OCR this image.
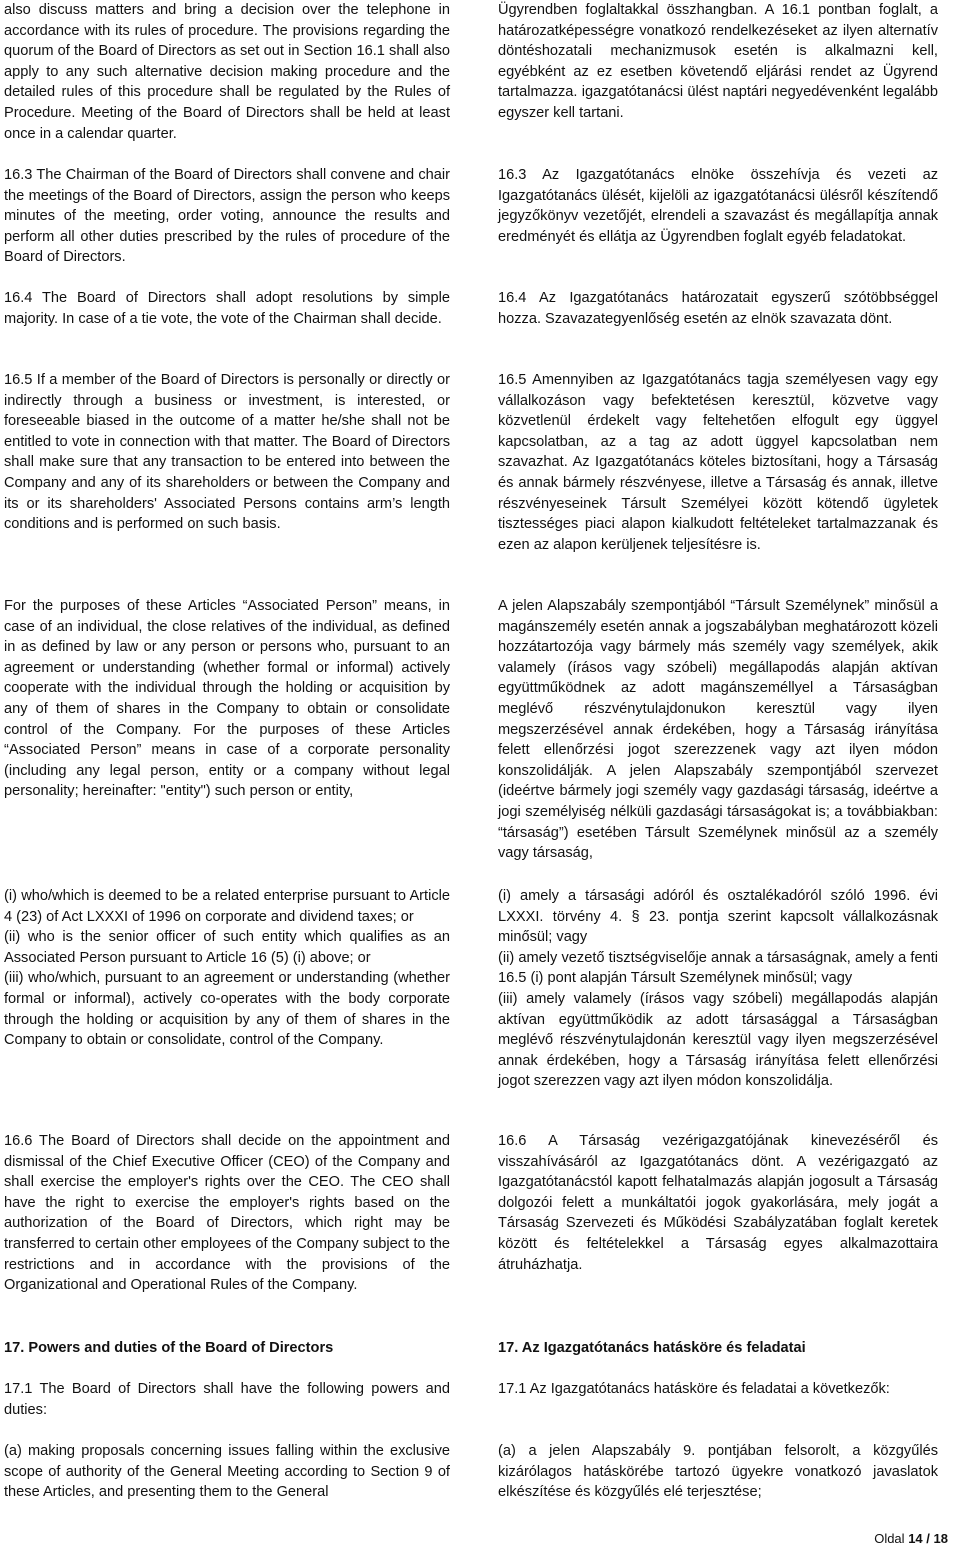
also discuss matters and bring a decision over the telephone in accordance with its rules of procedure. The provisions regarding the quorum of the Board of Directors as set out in Section 16.1 shall also apply to any such alternative decision making procedure and the detailed rules of this procedure shall be regulated by the Rules of Procedure. Meeting of the Board of Directors shall be held at least once in a calendar quarter.

Ügyrendben foglaltakkal összhangban. A 16.1 pontban foglalt, a határozatképességre vonatkozó rendelkezéseket az ilyen alternatív döntéshozatali mechanizmusok esetén is alkalmazni kell, egyébként az ez esetben követendő eljárási rendet az Ügyrend tartalmazza. igazgatótanácsi ülést naptári negyedévenként legalább egyszer kell tartani.

16.3 The Chairman of the Board of Directors shall convene and chair the meetings of the Board of Directors, assign the person who keeps minutes of the meeting, order voting, announce the results and perform all other duties prescribed by the rules of procedure of the Board of Directors.

16.3 Az Igazgatótanács elnöke összehívja és vezeti az Igazgatótanács ülését, kijelöli az igazgatótanácsi ülésről készítendő jegyzőkönyv vezetőjét, elrendeli a szavazást és megállapítja annak eredményét és ellátja az Ügyrendben foglalt egyéb feladatokat.

16.4 The Board of Directors shall adopt resolutions by simple majority. In case of a tie vote, the vote of the Chairman shall decide.

16.4 Az Igazgatótanács határozatait egyszerű szótöbbséggel hozza. Szavazategyenlőség esetén az elnök szavazata dönt.

16.5 If a member of the Board of Directors is personally or directly or indirectly through a business or investment, is interested, or foreseeable biased in the outcome of a matter he/she shall not be entitled to vote in connection with that matter. The Board of Directors shall make sure that any transaction to be entered into between the Company and any of its shareholders or between the Company and its or its shareholders' Associated Persons contains arm’s length conditions and is performed on such basis.

16.5 Amennyiben az Igazgatótanács tagja személyesen vagy egy vállalkozáson vagy befektetésen keresztül, közvetve vagy közvetlenül érdekelt vagy feltehetően elfogult egy üggyel kapcsolatban, az a tag az adott üggyel kapcsolatban nem szavazhat. Az Igazgatótanács köteles biztosítani, hogy a Társaság és annak bármely részvényese, illetve a Társaság és annak, illetve részvényeseinek Társult Személyei között kötendő ügyletek tisztességes piaci alapon kialkudott feltételeket tartalmazzanak és ezen az alapon kerüljenek teljesítésre is.

For the purposes of these Articles “Associated Person” means, in case of an individual, the close relatives of the individual, as defined in as defined by law or any person or persons who, pursuant to an agreement or understanding (whether formal or informal) actively cooperate with the individual through the holding or acquisition by any of them of shares in the Company to obtain or consolidate control of the Company. For the purposes of these Articles “Associated Person” means in case of a corporate personality (including any legal person, entity or a company without legal personality; hereinafter: "entity") such person or entity,

A jelen Alapszabály szempontjából “Társult Személynek” minősül a magánszemély esetén annak a jogszabályban meghatározott közeli hozzátartozója vagy bármely más személy vagy személyek, akik valamely (írásos vagy szóbeli) megállapodás alapján aktívan együttműködnek az adott magánszeméllyel a Társaságban meglévő részvénytulajdonukon keresztül vagy ilyen megszerzésével annak érdekében, hogy a Társaság irányítása felett ellenőrzési jogot szerezzenek vagy azt ilyen módon konszolidálják. A jelen Alapszabály szempontjából szervezet (ideértve bármely jogi személy vagy gazdasági társaság, ideértve a jogi személyiség nélküli gazdasági társaságokat is; a továbbiakban: “társaság”) esetében Társult Személynek minősül az a személy vagy társaság,

(i) who/which is deemed to be a related enterprise pursuant to Article 4 (23) of Act LXXXI of 1996 on corporate and dividend taxes; or

(ii) who is the senior officer of such entity which qualifies as an Associated Person pursuant to Article 16 (5) (i) above; or

(iii) who/which, pursuant to an agreement or understanding (whether formal or informal), actively co-operates with the body corporate through the holding or acquisition by any of them of shares in the Company to obtain or consolidate, control of the Company.

(i) amely a társasági adóról és osztalékadóról szóló 1996. évi LXXXI. törvény 4. § 23. pontja szerint kapcsolt vállalkozásnak minősül; vagy

(ii) amely vezető tisztségviselője annak a társaságnak, amely a fenti 16.5 (i) pont alapján Társult Személynek minősül; vagy

(iii) amely valamely (írásos vagy szóbeli) megállapodás alapján aktívan együttműködik az adott társasággal a Társaságban meglévő részvénytulajdonán keresztül vagy ilyen megszerzésével annak érdekében, hogy a Társaság irányítása felett ellenőrzési jogot szerezzen vagy azt ilyen módon konszolidálja.

16.6 The Board of Directors shall decide on the appointment and dismissal of the Chief Executive Officer (CEO) of the Company and shall exercise the employer's rights over the CEO. The CEO shall have the right to exercise the employer's rights based on the authorization of the Board of Directors, which right may be transferred to certain other employees of the Company subject to the restrictions and in accordance with the provisions of the Organizational and Operational Rules of the Company.

16.6 A Társaság vezérigazgatójának kinevezéséről és visszahívásáról az Igazgatótanács dönt. A vezérigazgató az Igazgatótanácstól kapott felhatalmazás alapján jogosult a Társaság dolgozói felett a munkáltatói jogok gyakorlására, mely jogát a Társaság Szervezeti és Működési Szabályzatában foglalt keretek között és feltételekkel a Társaság egyes alkalmazottaira átruházhatja.

17. Powers and duties of the Board of Directors	17. Az Igazgatótanács hatásköre és feladatai

17.1 The Board of Directors shall have the following powers and duties:

17.1 Az Igazgatótanács hatásköre és feladatai a következők:

(a) making proposals concerning issues falling within the exclusive scope of authority of the General Meeting according to Section 9 of these Articles, and presenting them to the General

(a) a jelen Alapszabály 9. pontjában felsorolt, a közgyűlés kizárólagos hatáskörébe tartozó ügyekre vonatkozó javaslatok elkészítése és közgyűlés elé terjesztése;

Oldal 14 / 18
